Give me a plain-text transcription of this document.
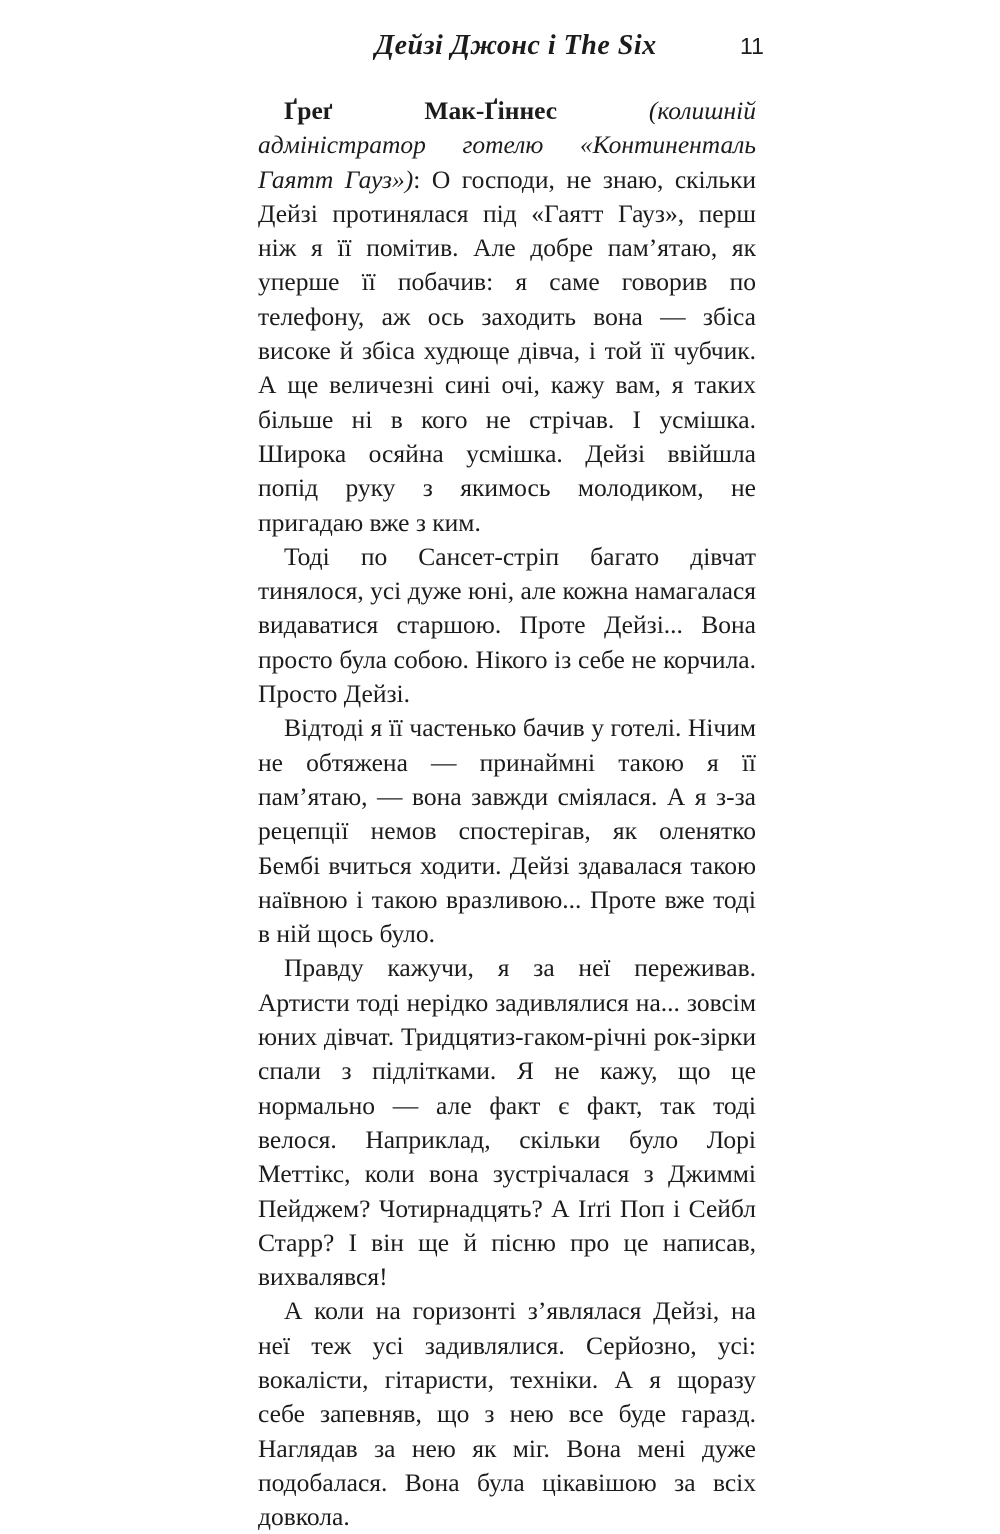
Дейзі Джонс і The Six	11

Ґреґ Мак-Ґіннес	(колишній адміністратор готелю «Континенталь Гаятт Гауз»): О господи, не знаю, скільки Дейзі протинялася під «Гаятт Гауз», перш ніж я її помітив. Але добре пам’ятаю, як уперше її побачив: я саме говорив по телефону, аж ось заходить вона — збіса високе й збіса худюще дівча, і той її чубчик. А ще величезні сині очі, кажу вам, я таких більше ні в кого не стрічав. І усмішка. Широка осяйна усмішка. Дейзі ввійшла попід руку з якимось молодиком, не пригадаю вже з ким.

Тоді по Сансет-стріп багато дівчат тинялося, усі дуже юні, але кожна намагалася видаватися старшою. Проте Дейзі... Вона просто була собою. Нікого із себе не корчила. Просто Дейзі.

Відтоді я її частенько бачив у готелі. Нічим не обтяжена — принаймні такою я її пам’ятаю, — вона завжди сміялася. А я з-за рецепції немов спостерігав, як оленятко Бембі вчиться ходити. Дейзі здавалася такою наївною і такою вразливою... Проте вже тоді в ній щось було.

Правду кажучи, я за неї переживав. Артисти тоді нерідко задивлялися на... зовсім юних дівчат. Тридцятиз-гаком-річні рок-зірки спали з підлітками. Я не кажу, що це нормально — але факт є факт, так тоді велося. Наприклад, скільки було Лорі Меттікс, коли вона зустрічалася з Джиммі Пейджем? Чотирнадцять? А Іґґі Поп і Сейбл Старр? І він ще й пісню про це написав, вихвалявся!

А коли на горизонті з’являлася Дейзі, на неї теж усі задивлялися. Серйозно, усі: вокалісти, гітаристи, техніки. А я щоразу себе запевняв, що з нею все буде гаразд. Наглядав за нею як міг. Вона мені дуже подобалася. Вона була цікавішою за всіх довкола.
